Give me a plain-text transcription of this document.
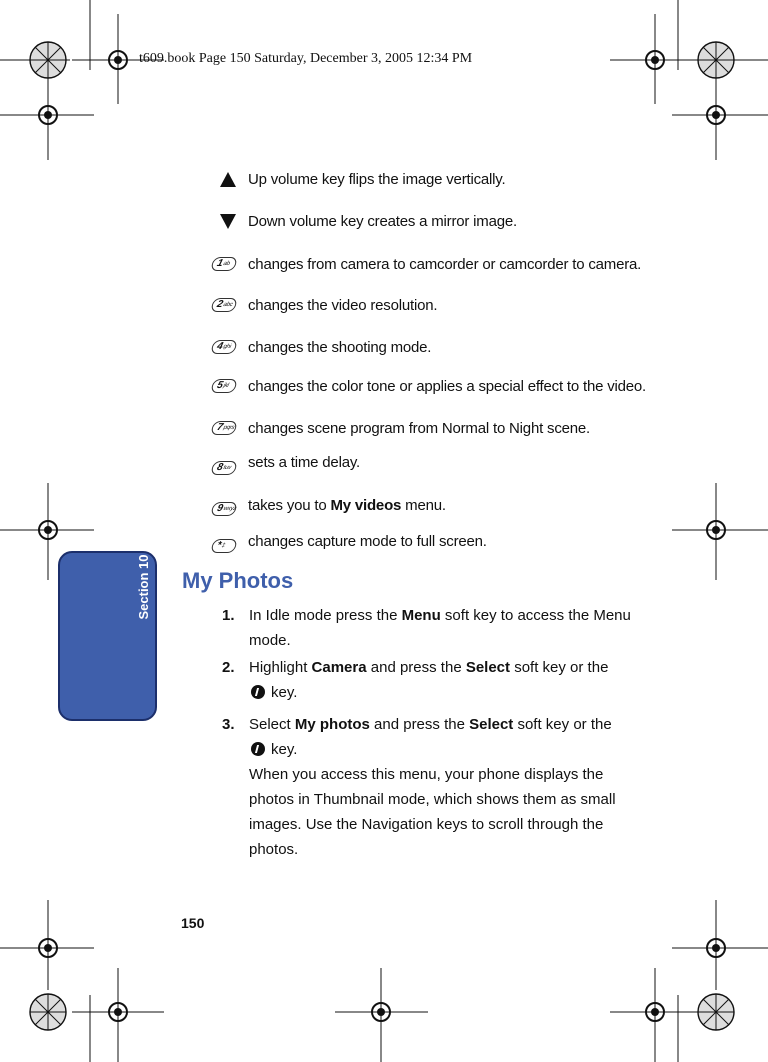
t609.book Page 150 Saturday, December 3, 2005 12:34 PM
Section 10
Up volume key flips the image vertically.
Down volume key creates a mirror image.
1
ab changes from camera to camcorder or camcorder to camera.
2
abc changes the video resolution.
4
ghi changes the shooting mode.
5
jkl changes the color tone or applies a special effect to the video.
7
pqrs changes scene program from Normal to Night scene.
8
tuv sets a time delay.
9
wxyz takes you to My videos menu.
*
‡ changes capture mode to full screen.
My Photos
1. In Idle mode press the Menu soft key to access the Menu mode.
2. Highlight Camera and press the Select soft key or the
key.
3. Select My photos and press the Select soft key or the
key.
When you access this menu, your phone displays the photos in Thumbnail mode, which shows them as small images. Use the Navigation keys to scroll through the photos.
150
